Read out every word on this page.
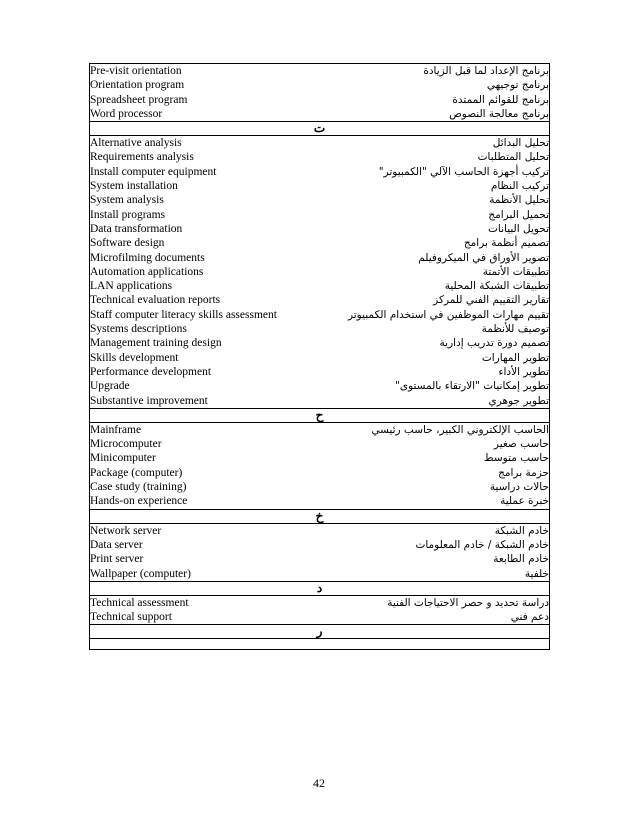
Pre-visit orientation	برنامج الإعداد لما قبل الزيادة
Orientation program	برنامج توجيهي
Spreadsheet program	برنامج للقوائم الممتدة
Word processor	برنامج معالجة النصوص

ت

Alternative analysis	تحليل البدائل
Requirements analysis	تحليل المتطلبات
Install computer equipment	تركيب أجهزة الحاسب الآلي "الكمبيوتر"
System installation	تركيب النظام
System analysis	تحليل الأنظمة
Install programs	تحميل البرامج
Data transformation	تحويل البيانات
Software design	تصميم أنظمة برامج
Microfilming documents	تصوير الأوراق في الميكروفيلم
Automation applications	تطبيقات الأتمتة
LAN applications	تطبيقات الشبكة المحلية
Technical evaluation reports	تقارير التقييم الفني للمركز
Staff computer literacy skills assessment	تقييم مهارات الموظفين في استخدام الكمبيوتر
Systems descriptions	توصيف للأنظمة
Management training design	تصميم دورة تدريب إدارية
Skills development	تطوير المهارات
Performance development	تطوير الأداء
Upgrade	تطوير إمكانيات "الارتقاء بالمستوى"
Substantive improvement	تطوير جوهري

ح

Mainframe	الحاسب الإلكتروني الكبير، حاسب رئيسي
Microcomputer	حاسب صغير
Minicomputer	حاسب متوسط
Package (computer)	حزمة برامج
Case study (training)	حالات دراسية
Hands-on experience	خبرة عملية

خ

Network server	خادم الشبكة
Data server	خادم الشبكة / خادم المعلومات
Print server	خادم الطابعة
Wallpaper (computer)	خلفية

د

Technical assessment	دراسة تحديد و حصر الاحتياجات الفنية
Technical support	دعم فني

ر

42
